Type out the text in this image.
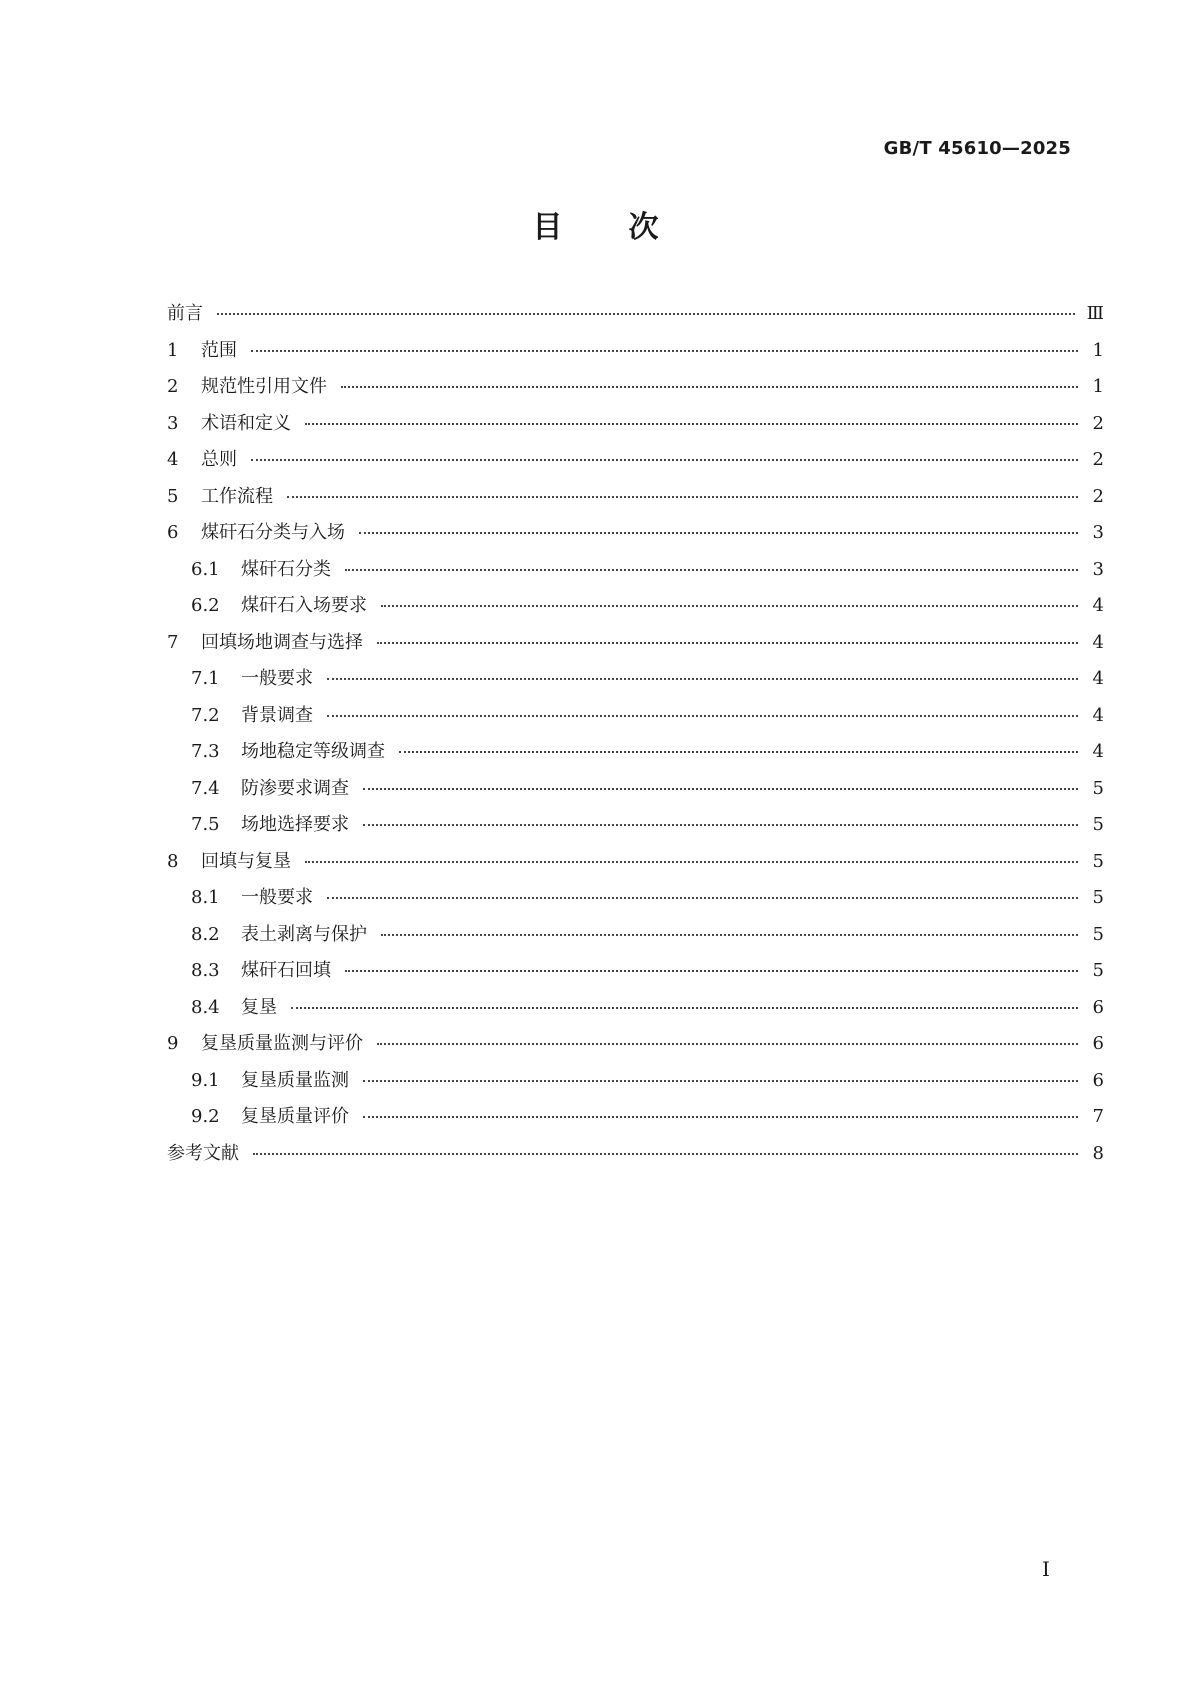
GB/T 45610—2025
目 次
前言	Ⅲ
1	范围	1
2	规范性引用文件	1
3	术语和定义	2
4	总则	2
5	工作流程	2
6	煤矸石分类与入场	3
6.1	煤矸石分类	3
6.2	煤矸石入场要求	4
7	回填场地调查与选择	4
7.1	一般要求	4
7.2	背景调查	4
7.3	场地稳定等级调查	4
7.4	防渗要求调查	5
7.5	场地选择要求	5
8	回填与复垦	5
8.1	一般要求	5
8.2	表土剥离与保护	5
8.3	煤矸石回填	5
8.4	复垦	6
9	复垦质量监测与评价	6
9.1	复垦质量监测	6
9.2	复垦质量评价	7
参考文献	8
I
